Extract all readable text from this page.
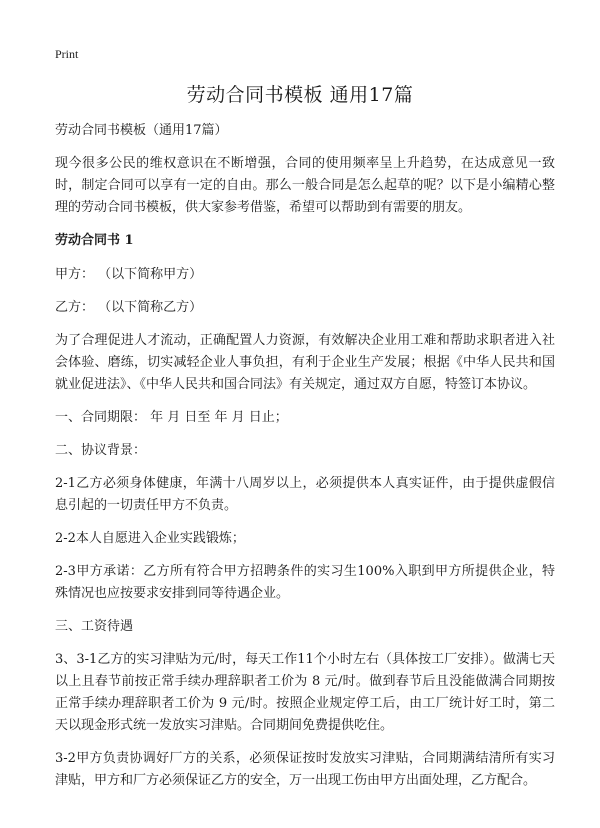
Print
劳动合同书模板 通用17篇

劳动合同书模板（通用17篇）

现今很多公民的维权意识在不断增强，合同的使用频率呈上升趋势，在达成意见一致时，制定合同可以享有一定的自由。那么一般合同是怎么起草的呢？以下是小编精心整理的劳动合同书模板，供大家参考借鉴，希望可以帮助到有需要的朋友。

劳动合同书 1

甲方： （以下简称甲方）

乙方： （以下简称乙方）

为了合理促进人才流动，正确配置人力资源，有效解决企业用工难和帮助求职者进入社会体验、磨练，切实减轻企业人事负担，有利于企业生产发展；根据《中华人民共和国就业促进法》、《中华人民共和国合同法》有关规定，通过双方自愿，特签订本协议。

一、合同期限： 年 月 日至 年 月 日止；

二、协议背景：

2-1乙方必须身体健康，年满十八周岁以上，必须提供本人真实证件，由于提供虚假信息引起的一切责任甲方不负责。

2-2本人自愿进入企业实践锻炼；

2-3甲方承诺：乙方所有符合甲方招聘条件的实习生100%入职到甲方所提供企业，特殊情况也应按要求安排到同等待遇企业。

三、工资待遇

3、3-1乙方的实习津贴为元/时，每天工作11个小时左右（具体按工厂安排）。做满七天以上且春节前按正常手续办理辞职者工价为 8 元/时。做到春节后且没能做满合同期按正常手续办理辞职者工价为 9 元/时。按照企业规定停工后，由工厂统计好工时，第二天以现金形式统一发放实习津贴。合同期间免费提供吃住。

3-2甲方负责协调好厂方的关系，必须保证按时发放实习津贴，合同期满结清所有实习津贴，甲方和厂方必须保证乙方的安全，万一出现工伤由甲方出面处理，乙方配合。
